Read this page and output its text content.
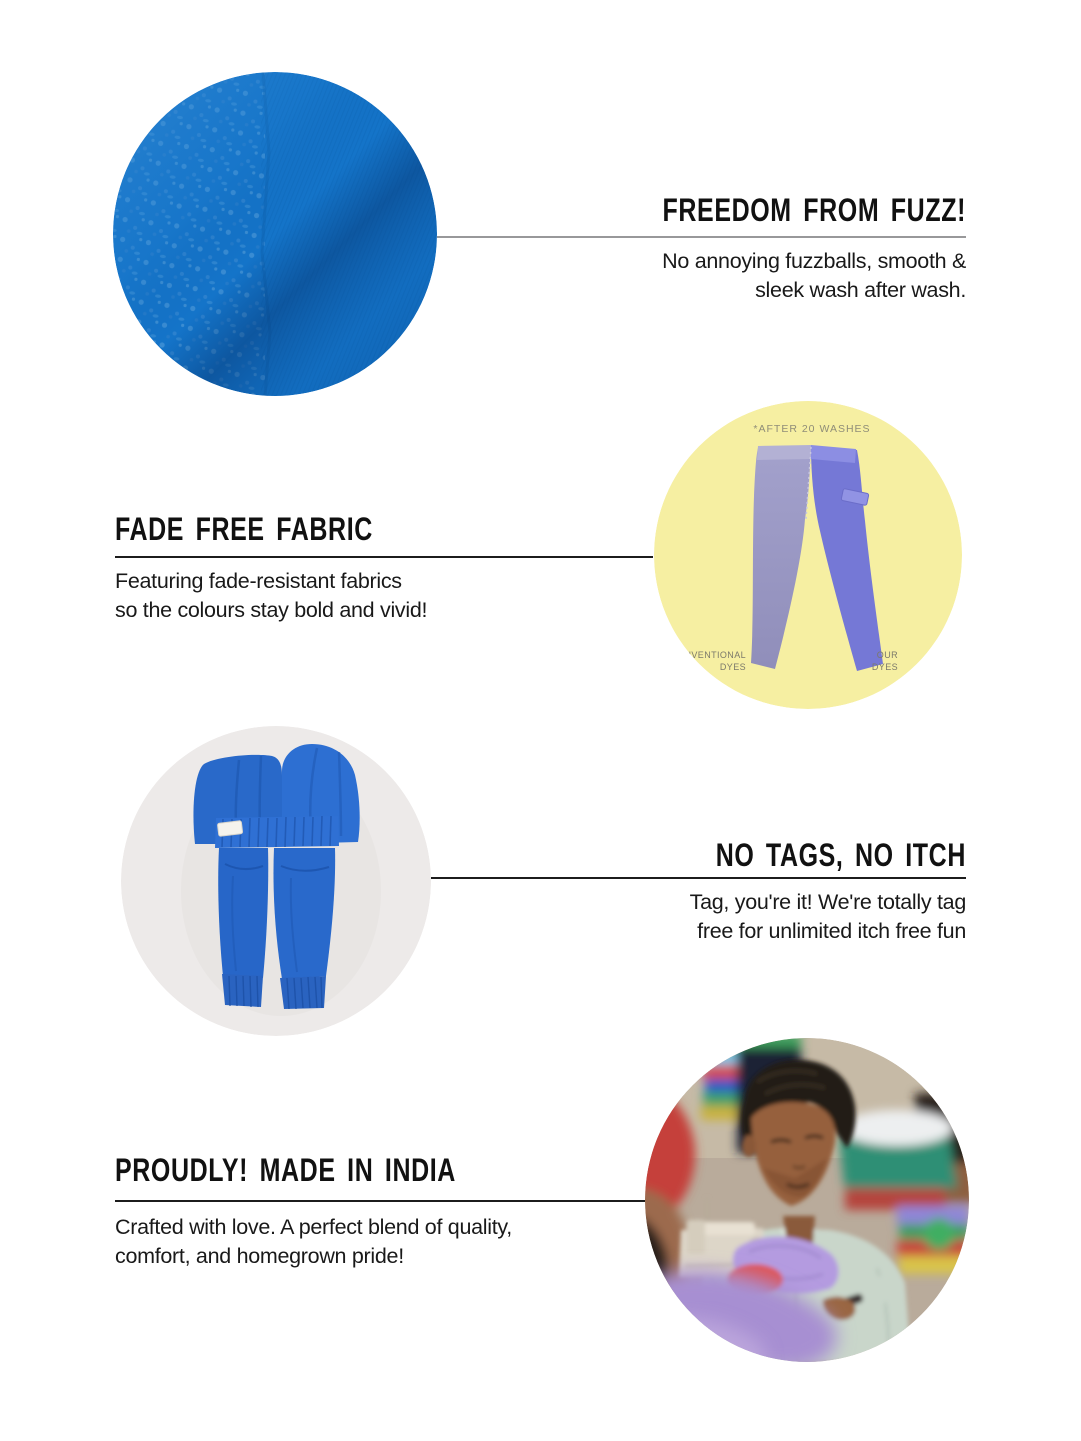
FREEDOM FROM FUZZ!

No annoying fuzzballs, smooth &
sleek wash after wash.

FADE FREE FABRIC

Featuring fade-resistant fabrics
so the colours stay bold and vivid!

*AFTER 20 WASHES
CONVENTIONAL
DYES
OUR
DYES
NO TAGS, NO ITCH

Tag, you're it! We're totally tag
free for unlimited itch free fun

PROUDLY! MADE IN INDIA

Crafted with love. A perfect blend of quality,
comfort, and homegrown pride!
